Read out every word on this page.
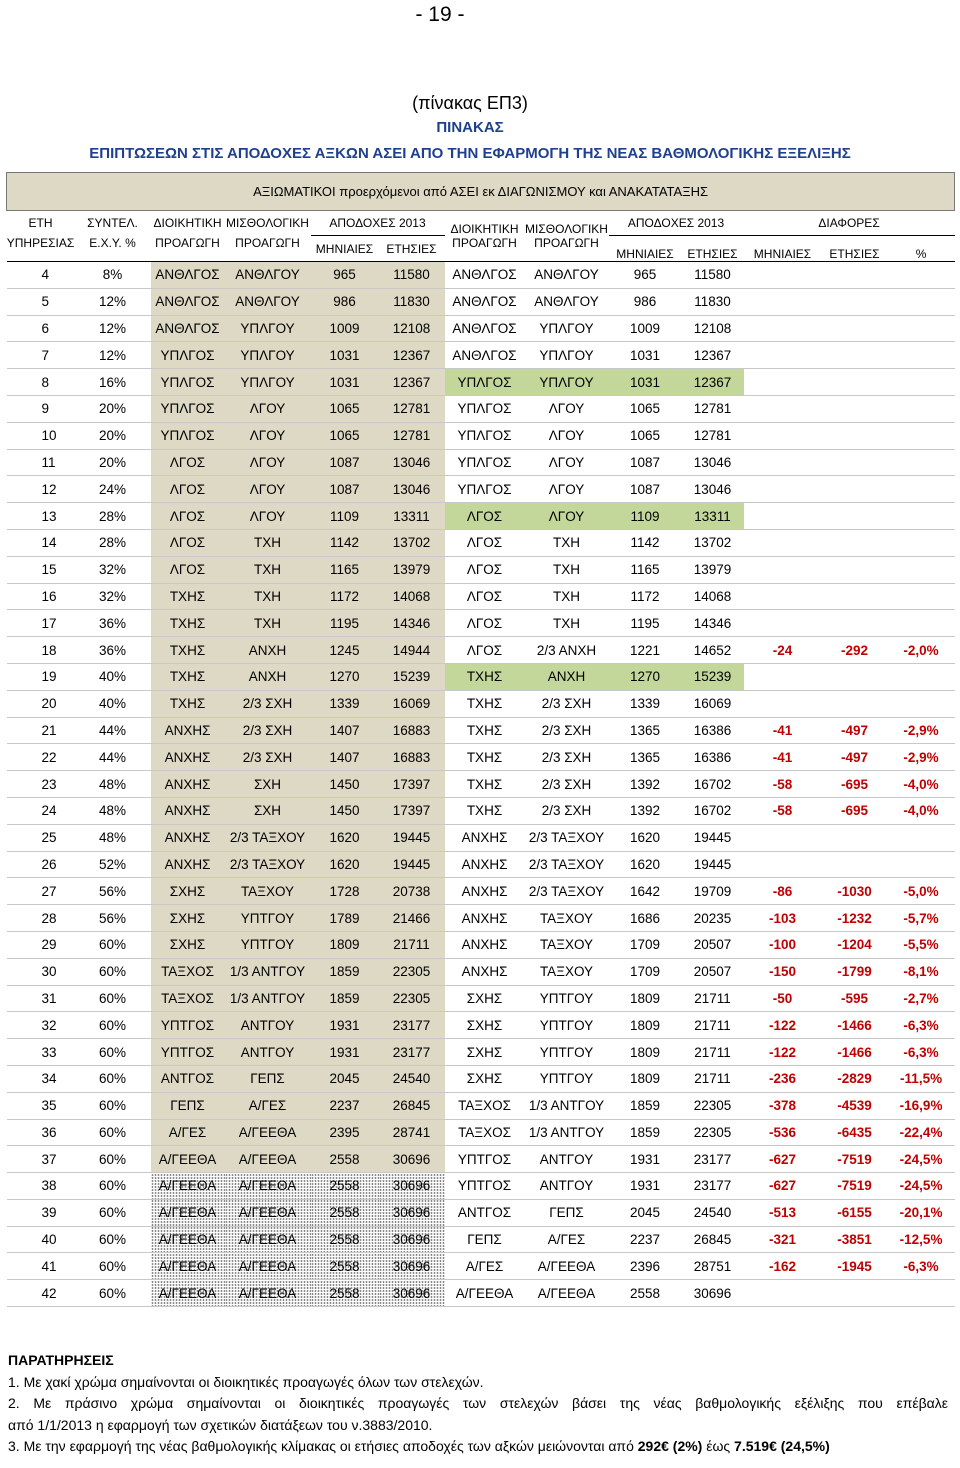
- 19 -
(πίνακας ΕΠ3)
ΠΙΝΑΚΑΣ
ΕΠΙΠΤΩΣΕΩΝ ΣΤΙΣ ΑΠΟΔΟΧΕΣ ΑΞΚΩΝ ΑΣΕΙ ΑΠΟ ΤΗΝ ΕΦΑΡΜΟΓΗ ΤΗΣ ΝΕΑΣ ΒΑΘΜΟΛΟΓΙΚΗΣ ΕΞΕΛΙΞΗΣ
ΑΞΙΩΜΑΤΙΚΟΙ προερχόμενοι από ΑΣΕΙ εκ ΔΙΑΓΩΝΙΣΜΟΥ και ΑΝΑΚΑΤΑΤΑΞΗΣ												
ΕΤΗ	ΣΥΝΤΕΛ.	ΔΙΟΙΚΗΤΙΚΗ	ΜΙΣΘΟΛΟΓΙΚΗ	ΑΠΟΔΟΧΕΣ 2013		ΔΙΟΙΚΗΤΙΚΗ	ΜΙΣΘΟΛΟΓΙΚΗ	ΑΠΟΔΟΧΕΣ 2013		ΔΙΑΦΟΡΕΣ		
ΥΠΗΡΕΣΙΑΣ	Ε.Χ.Υ. %	ΠΡΟΑΓΩΓΗ	ΠΡΟΑΓΩΓΗ	ΜΗΝΙΑΙΕΣ	ΕΤΗΣΙΕΣ	ΠΡΟΑΓΩΓΗ	ΠΡΟΑΓΩΓΗ	ΜΗΝΙΑΙΕΣ	ΕΤΗΣΙΕΣ	ΜΗΝΙΑΙΕΣ	ΕΤΗΣΙΕΣ	%
4	8%	ΑΝΘΛΓΟΣ	ΑΝΘΛΓΟΥ	965	11580	ΑΝΘΛΓΟΣ	ΑΝΘΛΓΟΥ	965	11580			
5	12%	ΑΝΘΛΓΟΣ	ΑΝΘΛΓΟΥ	986	11830	ΑΝΘΛΓΟΣ	ΑΝΘΛΓΟΥ	986	11830			
6	12%	ΑΝΘΛΓΟΣ	ΥΠΛΓΟΥ	1009	12108	ΑΝΘΛΓΟΣ	ΥΠΛΓΟΥ	1009	12108			
7	12%	ΥΠΛΓΟΣ	ΥΠΛΓΟΥ	1031	12367	ΑΝΘΛΓΟΣ	ΥΠΛΓΟΥ	1031	12367			
8	16%	ΥΠΛΓΟΣ	ΥΠΛΓΟΥ	1031	12367	ΥΠΛΓΟΣ	ΥΠΛΓΟΥ	1031	12367			
9	20%	ΥΠΛΓΟΣ	ΛΓΟΥ	1065	12781	ΥΠΛΓΟΣ	ΛΓΟΥ	1065	12781			
10	20%	ΥΠΛΓΟΣ	ΛΓΟΥ	1065	12781	ΥΠΛΓΟΣ	ΛΓΟΥ	1065	12781			
11	20%	ΛΓΟΣ	ΛΓΟΥ	1087	13046	ΥΠΛΓΟΣ	ΛΓΟΥ	1087	13046			
12	24%	ΛΓΟΣ	ΛΓΟΥ	1087	13046	ΥΠΛΓΟΣ	ΛΓΟΥ	1087	13046			
13	28%	ΛΓΟΣ	ΛΓΟΥ	1109	13311	ΛΓΟΣ	ΛΓΟΥ	1109	13311			
14	28%	ΛΓΟΣ	ΤΧΗ	1142	13702	ΛΓΟΣ	ΤΧΗ	1142	13702			
15	32%	ΛΓΟΣ	ΤΧΗ	1165	13979	ΛΓΟΣ	ΤΧΗ	1165	13979			
16	32%	ΤΧΗΣ	ΤΧΗ	1172	14068	ΛΓΟΣ	ΤΧΗ	1172	14068			
17	36%	ΤΧΗΣ	ΤΧΗ	1195	14346	ΛΓΟΣ	ΤΧΗ	1195	14346			
18	36%	ΤΧΗΣ	ΑΝΧΗ	1245	14944	ΛΓΟΣ	2/3 ΑΝΧΗ	1221	14652	-24	-292	-2,0%
19	40%	ΤΧΗΣ	ΑΝΧΗ	1270	15239	ΤΧΗΣ	ΑΝΧΗ	1270	15239			
20	40%	ΤΧΗΣ	2/3 ΣΧΗ	1339	16069	ΤΧΗΣ	2/3 ΣΧΗ	1339	16069			
21	44%	ΑΝΧΗΣ	2/3 ΣΧΗ	1407	16883	ΤΧΗΣ	2/3 ΣΧΗ	1365	16386	-41	-497	-2,9%
22	44%	ΑΝΧΗΣ	2/3 ΣΧΗ	1407	16883	ΤΧΗΣ	2/3 ΣΧΗ	1365	16386	-41	-497	-2,9%
23	48%	ΑΝΧΗΣ	ΣΧΗ	1450	17397	ΤΧΗΣ	2/3 ΣΧΗ	1392	16702	-58	-695	-4,0%
24	48%	ΑΝΧΗΣ	ΣΧΗ	1450	17397	ΤΧΗΣ	2/3 ΣΧΗ	1392	16702	-58	-695	-4,0%
25	48%	ΑΝΧΗΣ	2/3 ΤΑΞΧΟΥ	1620	19445	ΑΝΧΗΣ	2/3 ΤΑΞΧΟΥ	1620	19445			
26	52%	ΑΝΧΗΣ	2/3 ΤΑΞΧΟΥ	1620	19445	ΑΝΧΗΣ	2/3 ΤΑΞΧΟΥ	1620	19445			
27	56%	ΣΧΗΣ	ΤΑΞΧΟΥ	1728	20738	ΑΝΧΗΣ	2/3 ΤΑΞΧΟΥ	1642	19709	-86	-1030	-5,0%
28	56%	ΣΧΗΣ	ΥΠΤΓΟΥ	1789	21466	ΑΝΧΗΣ	ΤΑΞΧΟΥ	1686	20235	-103	-1232	-5,7%
29	60%	ΣΧΗΣ	ΥΠΤΓΟΥ	1809	21711	ΑΝΧΗΣ	ΤΑΞΧΟΥ	1709	20507	-100	-1204	-5,5%
30	60%	ΤΑΞΧΟΣ	1/3 ΑΝΤΓΟΥ	1859	22305	ΑΝΧΗΣ	ΤΑΞΧΟΥ	1709	20507	-150	-1799	-8,1%
31	60%	ΤΑΞΧΟΣ	1/3 ΑΝΤΓΟΥ	1859	22305	ΣΧΗΣ	ΥΠΤΓΟΥ	1809	21711	-50	-595	-2,7%
32	60%	ΥΠΤΓΟΣ	ΑΝΤΓΟΥ	1931	23177	ΣΧΗΣ	ΥΠΤΓΟΥ	1809	21711	-122	-1466	-6,3%
33	60%	ΥΠΤΓΟΣ	ΑΝΤΓΟΥ	1931	23177	ΣΧΗΣ	ΥΠΤΓΟΥ	1809	21711	-122	-1466	-6,3%
34	60%	ΑΝΤΓΟΣ	ΓΕΠΣ	2045	24540	ΣΧΗΣ	ΥΠΤΓΟΥ	1809	21711	-236	-2829	-11,5%
35	60%	ΓΕΠΣ	Α/ΓΕΣ	2237	26845	ΤΑΞΧΟΣ	1/3 ΑΝΤΓΟΥ	1859	22305	-378	-4539	-16,9%
36	60%	Α/ΓΕΣ	Α/ΓΕΕΘΑ	2395	28741	ΤΑΞΧΟΣ	1/3 ΑΝΤΓΟΥ	1859	22305	-536	-6435	-22,4%
37	60%	Α/ΓΕΕΘΑ	Α/ΓΕΕΘΑ	2558	30696	ΥΠΤΓΟΣ	ΑΝΤΓΟΥ	1931	23177	-627	-7519	-24,5%
38	60%	Α/ΓΕΕΘΑ	Α/ΓΕΕΘΑ	2558	30696	ΥΠΤΓΟΣ	ΑΝΤΓΟΥ	1931	23177	-627	-7519	-24,5%
39	60%	Α/ΓΕΕΘΑ	Α/ΓΕΕΘΑ	2558	30696	ΑΝΤΓΟΣ	ΓΕΠΣ	2045	24540	-513	-6155	-20,1%
40	60%	Α/ΓΕΕΘΑ	Α/ΓΕΕΘΑ	2558	30696	ΓΕΠΣ	Α/ΓΕΣ	2237	26845	-321	-3851	-12,5%
41	60%	Α/ΓΕΕΘΑ	Α/ΓΕΕΘΑ	2558	30696	Α/ΓΕΣ	Α/ΓΕΕΘΑ	2396	28751	-162	-1945	-6,3%
42	60%	Α/ΓΕΕΘΑ	Α/ΓΕΕΘΑ	2558	30696	Α/ΓΕΕΘΑ	Α/ΓΕΕΘΑ	2558	30696			
ΠΑΡΑΤΗΡΗΣΕΙΣ
1. Με χακί χρώμα σημαίνονται οι διοικητικές προαγωγές όλων των στελεχών.
2. Με πράσινο χρώμα σημαίνονται οι διοικητικές προαγωγές των στελεχών βάσει της νέας βαθμολογικής εξέλιξης που επέβαλε
από 1/1/2013 η εφαρμογή των σχετικών διατάξεων του ν.3883/2010.
3. Με την εφαρμογή της νέας βαθμολογικής κλίμακας οι ετήσιες αποδοχές των αξκών μειώνονται από 292€ (2%) έως 7.519€ (24,5%)
